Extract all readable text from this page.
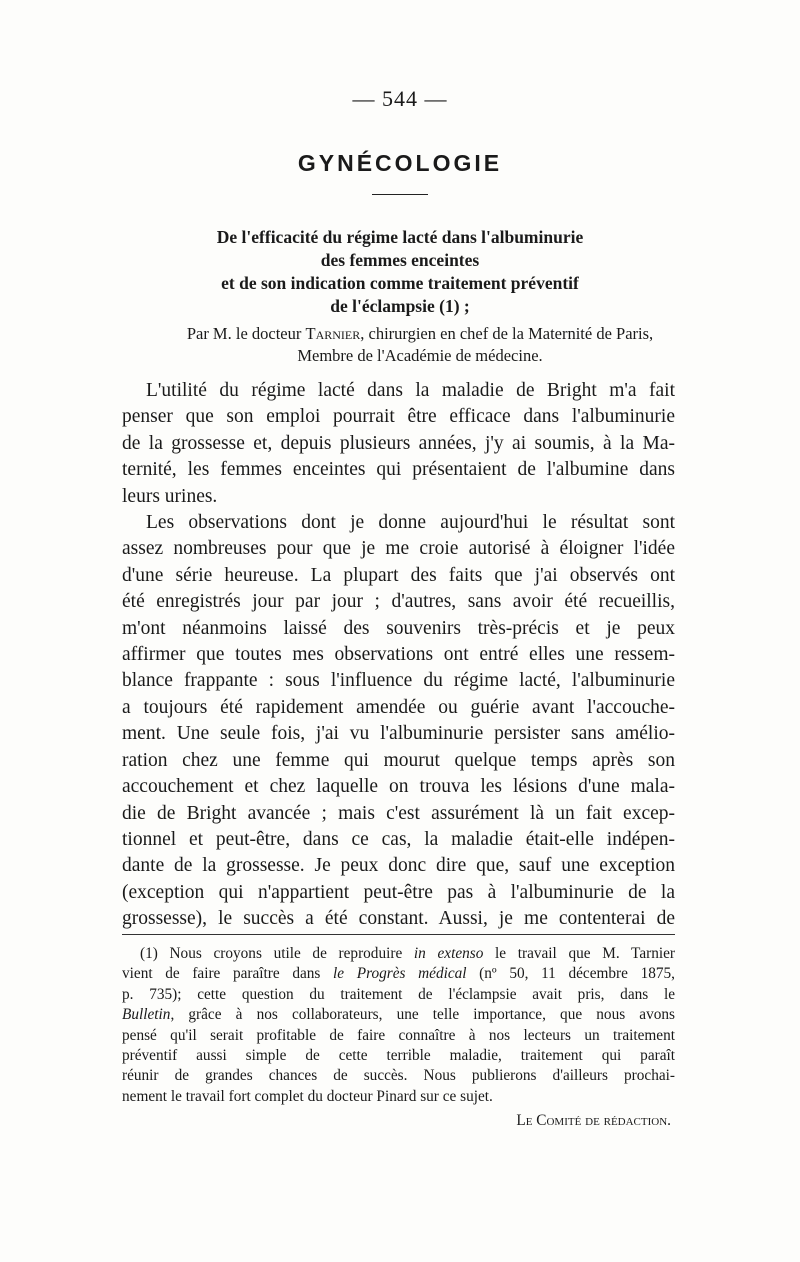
— 544 —
GYNÉCOLOGIE
De l'efficacité du régime lacté dans l'albuminurie
des femmes enceintes
et de son indication comme traitement préventif
de l'éclampsie (1) ;
Par M. le docteur Tarnier, chirurgien en chef de la Maternité de Paris,
Membre de l'Académie de médecine.

L'utilité du régime lacté dans la maladie de Bright m'a fait
penser que son emploi pourrait être efficace dans l'albuminurie
de la grossesse et, depuis plusieurs années, j'y ai soumis, à la Ma-
ternité, les femmes enceintes qui présentaient de l'albumine dans
leurs urines.

Les observations dont je donne aujourd'hui le résultat sont
assez nombreuses pour que je me croie autorisé à éloigner l'idée
d'une série heureuse. La plupart des faits que j'ai observés ont
été enregistrés jour par jour ; d'autres, sans avoir été recueillis,
m'ont néanmoins laissé des souvenirs très-précis et je peux
affirmer que toutes mes observations ont entré elles une ressem-
blance frappante : sous l'influence du régime lacté, l'albuminurie
a toujours été rapidement amendée ou guérie avant l'accouche-
ment. Une seule fois, j'ai vu l'albuminurie persister sans amélio-
ration chez une femme qui mourut quelque temps après son
accouchement et chez laquelle on trouva les lésions d'une mala-
die de Bright avancée ; mais c'est assurément là un fait excep-
tionnel et peut-être, dans ce cas, la maladie était-elle indépen-
dante de la grossesse. Je peux donc dire que, sauf une exception
(exception qui n'appartient peut-être pas à l'albuminurie de la
grossesse), le succès a été constant. Aussi, je me contenterai de

(1) Nous croyons utile de reproduire in extenso le travail que M. Tarnier
vient de faire paraître dans le Progrès médical (nº 50, 11 décembre 1875,
p. 735); cette question du traitement de l'éclampsie avait pris, dans le
Bulletin, grâce à nos collaborateurs, une telle importance, que nous avons
pensé qu'il serait profitable de faire connaître à nos lecteurs un traitement
préventif aussi simple de cette terrible maladie, traitement qui paraît
réunir de grandes chances de succès. Nous publierons d'ailleurs prochai-
nement le travail fort complet du docteur Pinard sur ce sujet.
Le Comité de rédaction.
